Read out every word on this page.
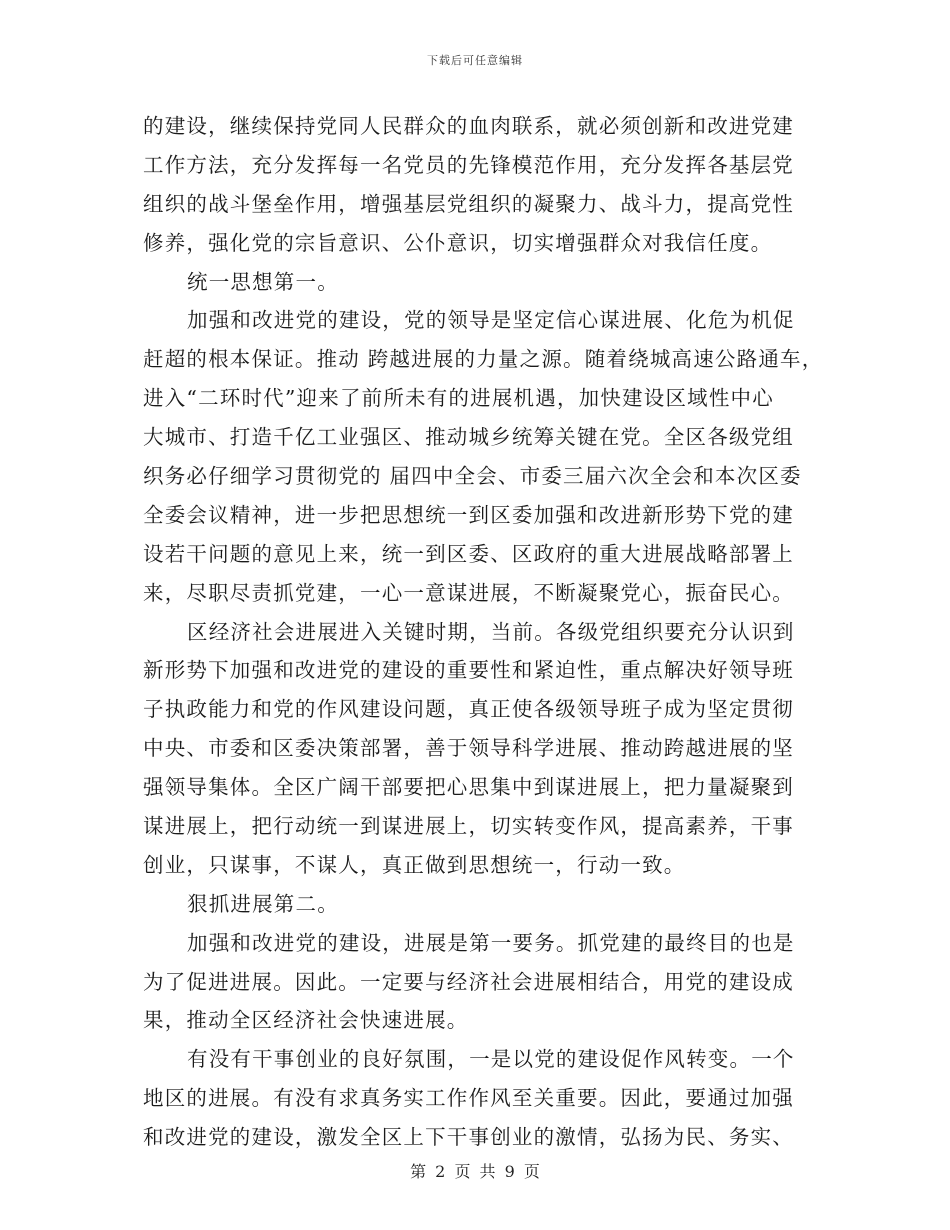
下载后可任意编辑
的建设，继续保持党同人民群众的血肉联系，就必须创新和改进党建
工作方法，充分发挥每一名党员的先锋模范作用，充分发挥各基层党
组织的战斗堡垒作用，增强基层党组织的凝聚力、战斗力，提高党性
修养，强化党的宗旨意识、公仆意识，切实增强群众对我信任度。
统一思想第一。
加强和改进党的建设，党的领导是坚定信心谋进展、化危为机促
赶超的根本保证。推动 跨越进展的力量之源。随着绕城高速公路通车，
进入“二环时代”迎来了前所未有的进展机遇，加快建设区域性中心
大城市、打造千亿工业强区、推动城乡统筹关键在党。全区各级党组
织务必仔细学习贯彻党的 届四中全会、市委三届六次全会和本次区委
全委会议精神，进一步把思想统一到区委加强和改进新形势下党的建
设若干问题的意见上来，统一到区委、区政府的重大进展战略部署上
来，尽职尽责抓党建，一心一意谋进展，不断凝聚党心，振奋民心。
区经济社会进展进入关键时期，当前。各级党组织要充分认识到
新形势下加强和改进党的建设的重要性和紧迫性，重点解决好领导班
子执政能力和党的作风建设问题，真正使各级领导班子成为坚定贯彻
中央、市委和区委决策部署，善于领导科学进展、推动跨越进展的坚
强领导集体。全区广阔干部要把心思集中到谋进展上，把力量凝聚到
谋进展上，把行动统一到谋进展上，切实转变作风，提高素养，干事
创业，只谋事，不谋人，真正做到思想统一，行动一致。
狠抓进展第二。
加强和改进党的建设，进展是第一要务。抓党建的最终目的也是
为了促进进展。因此。一定要与经济社会进展相结合，用党的建设成
果，推动全区经济社会快速进展。
有没有干事创业的良好氛围，一是以党的建设促作风转变。一个
地区的进展。有没有求真务实工作作风至关重要。因此，要通过加强
和改进党的建设，激发全区上下干事创业的激情，弘扬为民、务实、
第 2 页 共 9 页
